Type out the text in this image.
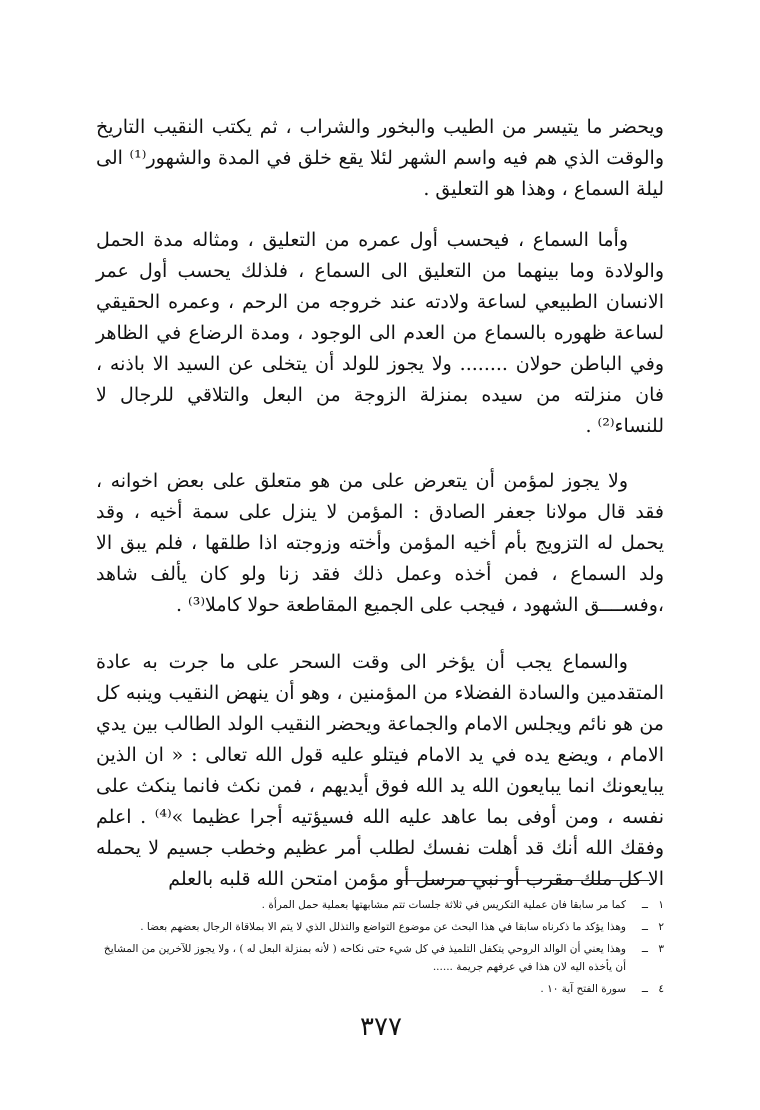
ويحضر ما يتيسر من الطيب والبخور والشراب ، ثم يكتب النقيب التاريخ والوقت الذي هم فيه واسم الشهر لئلا يقع خلق في المدة والشهور⁽¹⁾ الى ليلة السماع ، وهذا هو التعليق .

وأما السماع ، فيحسب أول عمره من التعليق ، ومثاله مدة الحمل والولادة وما بينهما من التعليق الى السماع ، فلذلك يحسب أول عمر الانسان الطبيعي لساعة ولادته عند خروجه من الرحم ، وعمره الحقيقي لساعة ظهوره بالسماع من العدم الى الوجود ، ومدة الرضاع في الظاهر وفي الباطن حولان ........ ولا يجوز للولد أن يتخلى عن السيد الا باذنه ، فان منزلته من سيده بمنزلة الزوجة من البعل والتلاقي للرجال لا للنساء⁽²⁾ .

ولا يجوز لمؤمن أن يتعرض على من هو متعلق على بعض اخوانه ، فقد قال مولانا جعفر الصادق : المؤمن لا ينزل على سمة أخيه ، وقد يحمل له التزويج بأم أخيه المؤمن وأخته وزوجته اذا طلقها ، فلم يبق الا ولد السماع ، فمن أخذه وعمل ذلك فقد زنا ولو كان يألف شاهد ،وفســــق الشهود ، فيجب على الجميع المقاطعة حولا كاملا⁽³⁾ .

والسماع يجب أن يؤخر الى وقت السحر على ما جرت به عادة المتقدمين والسادة الفضلاء من المؤمنين ، وهو أن ينهض النقيب وينبه كل من هو نائم ويجلس الامام والجماعة ويحضر النقيب الولد الطالب بين يدي الامام ، ويضع يده في يد الامام فيتلو عليه قول الله تعالى : « ان الذين يبايعونك انما يبايعون الله يد الله فوق أيديهم ، فمن نكث فانما ينكث على نفسه ، ومن أوفى بما عاهد عليه الله فسيؤتيه أجرا عظيما »⁽⁴⁾ . اعلم وفقك الله أنك قد أهلت نفسك لطلب أمر عظيم وخطب جسيم لا يحمله الا كل ملك مقرب أو نبي مرسل أو مؤمن امتحن الله قلبه بالعلم

١
ــ
كما مر سابقا فان عملية التكريس في ثلاثة جلسات تتم مشابهتها بعملية حمل المرأة .
٢
ــ
وهذا يؤكد ما ذكرناه سابقا في هذا البحث عن موضوع التواضع والتذلل الذي لا يتم الا بملاقاة الرجال بعضهم بعضا .
٣
ــ
وهذا يعني أن الوالد الروحي يتكفل التلميذ في كل شيء حتى نكاحه ( لأنه بمنزلة البعل له ) ، ولا يجوز للآخرين من المشايخ أن يأخذه اليه لان هذا في عرفهم جريمة ......
٤
ــ
سورة الفتح آية ١٠ .
٣٧٧
